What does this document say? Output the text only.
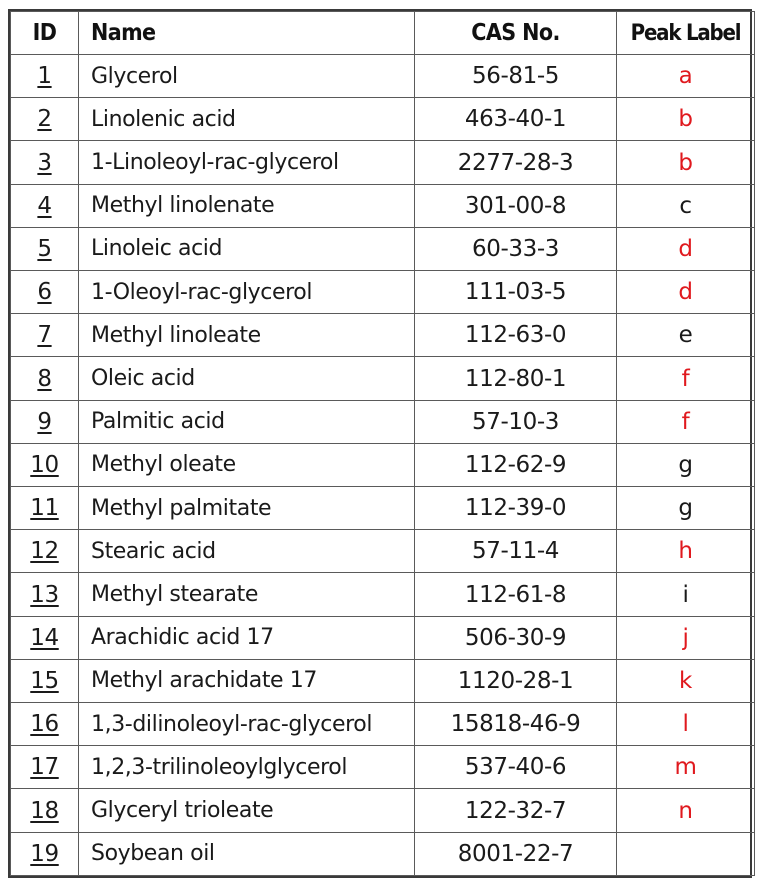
ID	Name	CAS No.	Peak Label
1	Glycerol	56-81-5	a
2	Linolenic acid	463-40-1	b
3	1-Linoleoyl-rac-glycerol	2277-28-3	b
4	Methyl linolenate	301-00-8	c
5	Linoleic acid	60-33-3	d
6	1-Oleoyl-rac-glycerol	111-03-5	d
7	Methyl linoleate	112-63-0	e
8	Oleic acid	112-80-1	f
9	Palmitic acid	57-10-3	f
10	Methyl oleate	112-62-9	g
11	Methyl palmitate	112-39-0	g
12	Stearic acid	57-11-4	h
13	Methyl stearate	112-61-8	i
14	Arachidic acid 17	506-30-9	j
15	Methyl arachidate 17	1120-28-1	k
16	1,3-dilinoleoyl-rac-glycerol	15818-46-9	l
17	1,2,3-trilinoleoylglycerol	537-40-6	m
18	Glyceryl trioleate	122-32-7	n
19	Soybean oil	8001-22-7	
